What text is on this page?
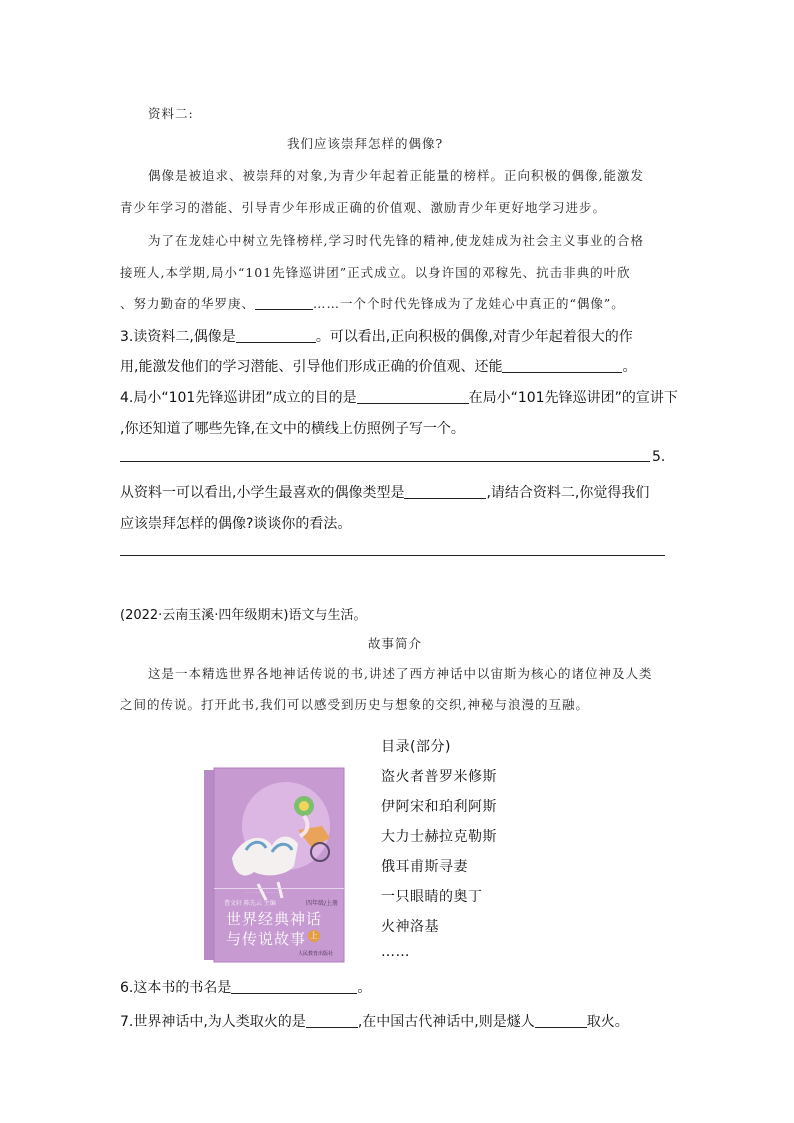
资料二:
我们应该崇拜怎样的偶像?
偶像是被追求、被崇拜的对象,为青少年起着正能量的榜样。正向积极的偶像,能激发
青少年学习的潜能、引导青少年形成正确的价值观、激励青少年更好地学习进步。
为了在龙娃心中树立先锋榜样,学习时代先锋的精神,使龙娃成为社会主义事业的合格
接班人,本学期,局小“101先锋巡讲团”正式成立。以身许国的邓稼先、抗击非典的叶欣
、努力勤奋的华罗庚、	……一个个时代先锋成为了龙娃心中真正的“偶像”。
3.读资料二,偶像是	。可以看出,正向积极的偶像,对青少年起着很大的作
用,能激发他们的学习潜能、引导他们形成正确的价值观、还能	。
4.局小“101先锋巡讲团”成立的目的是	在局小“101先锋巡讲团”的宣讲下
,你还知道了哪些先锋,在文中的横线上仿照例子写一个。
5.
从资料一可以看出,小学生最喜欢的偶像类型是	,请结合资料二,你觉得我们
应该崇拜怎样的偶像?谈谈你的看法。
(2022·云南玉溪·四年级期末)语文与生活。
故事简介
这是一本精选世界各地神话传说的书,讲述了西方神话中以宙斯为核心的诸位神及人类
之间的传说。打开此书,我们可以感受到历史与想象的交织,神秘与浪漫的互融。
· · · · · · · · · · · · · · ·
曹文轩 陈先云 主编	四年级/上册
世界经典神话
与传说故事 上
人民教育出版社
目录(部分)
盗火者普罗米修斯
伊阿宋和珀利阿斯
大力士赫拉克勒斯
俄耳甫斯寻妻
一只眼睛的奥丁
火神洛基
……
6.这本书的书名是	。
7.世界神话中,为人类取火的是	,在中国古代神话中,则是燧人	取火。
